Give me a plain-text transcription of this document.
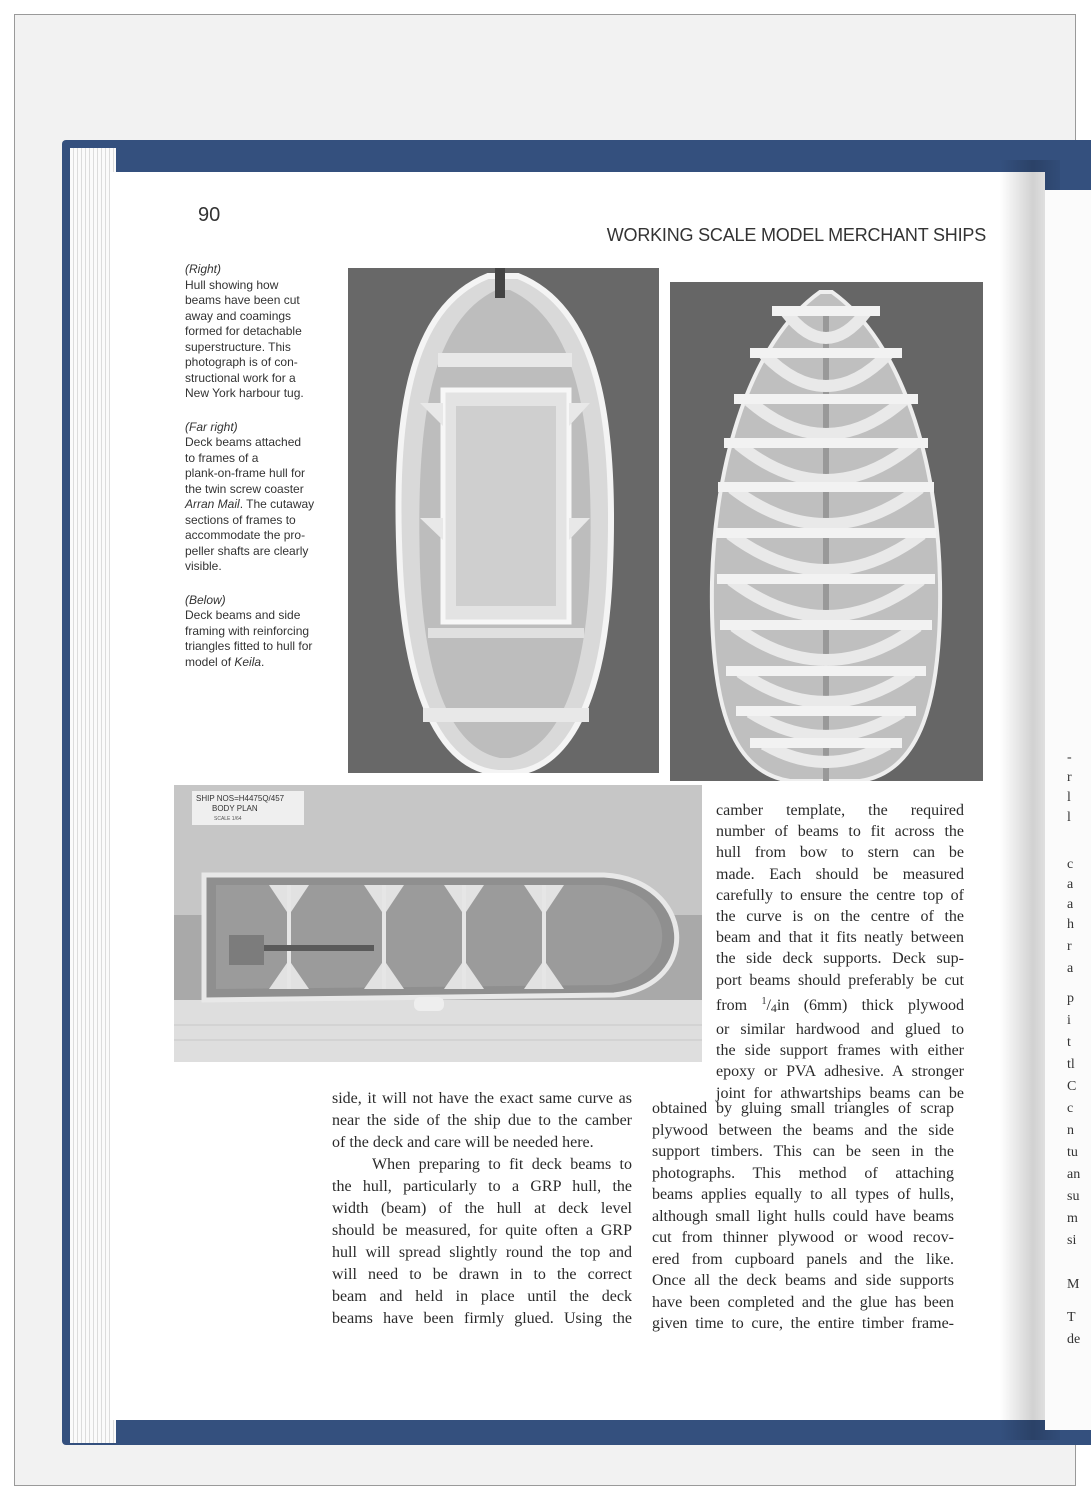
-
r
l
l
c
a
a
h
r
a
p
i
t
tl
C
c
n
tu
an
su
m
si
M
T
de
90
WORKING SCALE MODEL MERCHANT SHIPS

(Right)

Hull showing how

beams have been cut

away and coamings

formed for detachable

superstructure. This

photograph is of con-

structional work for a

New York harbour tug.

(Far right)

Deck beams attached

to frames of a

plank-on-frame hull for

the twin screw coaster

Arran Mail. The cutaway

sections of frames to

accommodate the pro-

peller shafts are clearly

visible.

(Below)

Deck beams and side

framing with reinforcing

triangles fitted to hull for

model of Keila.

SHIP NOS=H4475Q/457
BODY PLAN
SCALE 1/64	camber template, the required

number of beams to fit across the

hull from bow to stern can be

made. Each should be measured

carefully to ensure the centre top of

the curve is on the centre of the

beam and that it fits neatly between

the side deck supports. Deck sup-

port beams should preferably be cut

from $^1/_4in$ (6mm) thick plywood

or similar hardwood and glued to

the side support frames with either

epoxy or PVA adhesive. A stronger

joint for athwartships beams can be

obtained by gluing small triangles of scrap

plywood between the beams and the side

support timbers. This can be seen in the

photographs. This method of attaching

beams applies equally to all types of hulls,

although small light hulls could have beams

cut from thinner plywood or wood recov-

ered from cupboard panels and the like.

Once all the deck beams and side supports

have been completed and the glue has been

given time to cure, the entire timber frame-

side, it will not have the exact same curve as

near the side of the ship due to the camber

of the deck and care will be needed here.

When preparing to fit deck beams to

the hull, particularly to a GRP hull, the

width (beam) of the hull at deck level

should be measured, for quite often a GRP

hull will spread slightly round the top and

will need to be drawn in to the correct

beam and held in place until the deck

beams have been firmly glued. Using the
